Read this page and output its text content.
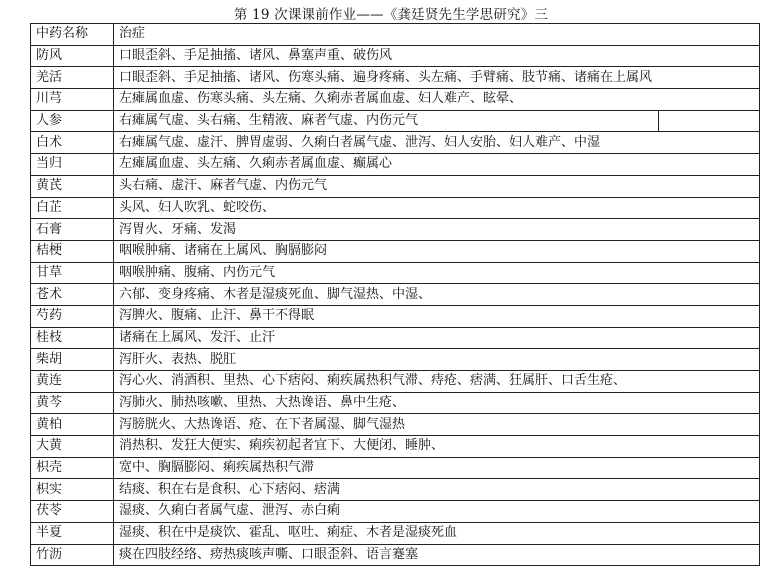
第 19 次课课前作业——《龚廷贤先生学思研究》三
中药名称	治症
防风	口眼歪斜、手足抽搐、诸风、鼻塞声重、破伤风
羌活	口眼歪斜、手足抽搐、诸风、伤寒头痛、遍身疼痛、头左痛、手臂痛、肢节痛、诸痛在上属风
川芎	左瘫属血虚、伤寒头痛、头左痛、久痢赤者属血虚、妇人难产、眩晕、
人参	右瘫属气虚、头右痛、生精液、麻者气虚、内伤元气
白术	右瘫属气虚、虚汗、脾胃虚弱、久痢白者属气虚、泄泻、妇人安胎、妇人难产、中湿
当归	左瘫属血虚、头左痛、久痢赤者属血虚、癫属心
黄芪	头右痛、虚汗、麻者气虚、内伤元气
白芷	头风、妇人吹乳、蛇咬伤、
石膏	泻胃火、牙痛、发渴
桔梗	咽喉肿痛、诸痛在上属风、胸膈膨闷
甘草	咽喉肿痛、腹痛、内伤元气
苍术	六郁、变身疼痛、木者是湿痰死血、脚气湿热、中湿、
芍药	泻脾火、腹痛、止汗、鼻干不得眠
桂枝	诸痛在上属风、发汗、止汗
柴胡	泻肝火、表热、脱肛
黄连	泻心火、消酒积、里热、心下痞闷、痢疾属热积气滞、痔疮、痞满、狂属肝、口舌生疮、
黄芩	泻肺火、肺热咳嗽、里热、大热谗语、鼻中生疮、
黄柏	泻膀胱火、大热谗语、疮、在下者属湿、脚气湿热
大黄	消热积、发狂大便实、痢疾初起者宜下、大便闭、睡肿、
枳壳	宽中、胸膈膨闷、痢疾属热积气滞
枳实	结痰、积在右是食积、心下痞闷、痞满
茯苓	湿痰、久痢白者属气虚、泄泻、赤白痢
半夏	湿痰、积在中是痰饮、霍乱、呕吐、痢症、木者是湿痰死血
竹沥	痰在四肢经络、痨热痰咳声嘶、口眼歪斜、语言蹇塞
